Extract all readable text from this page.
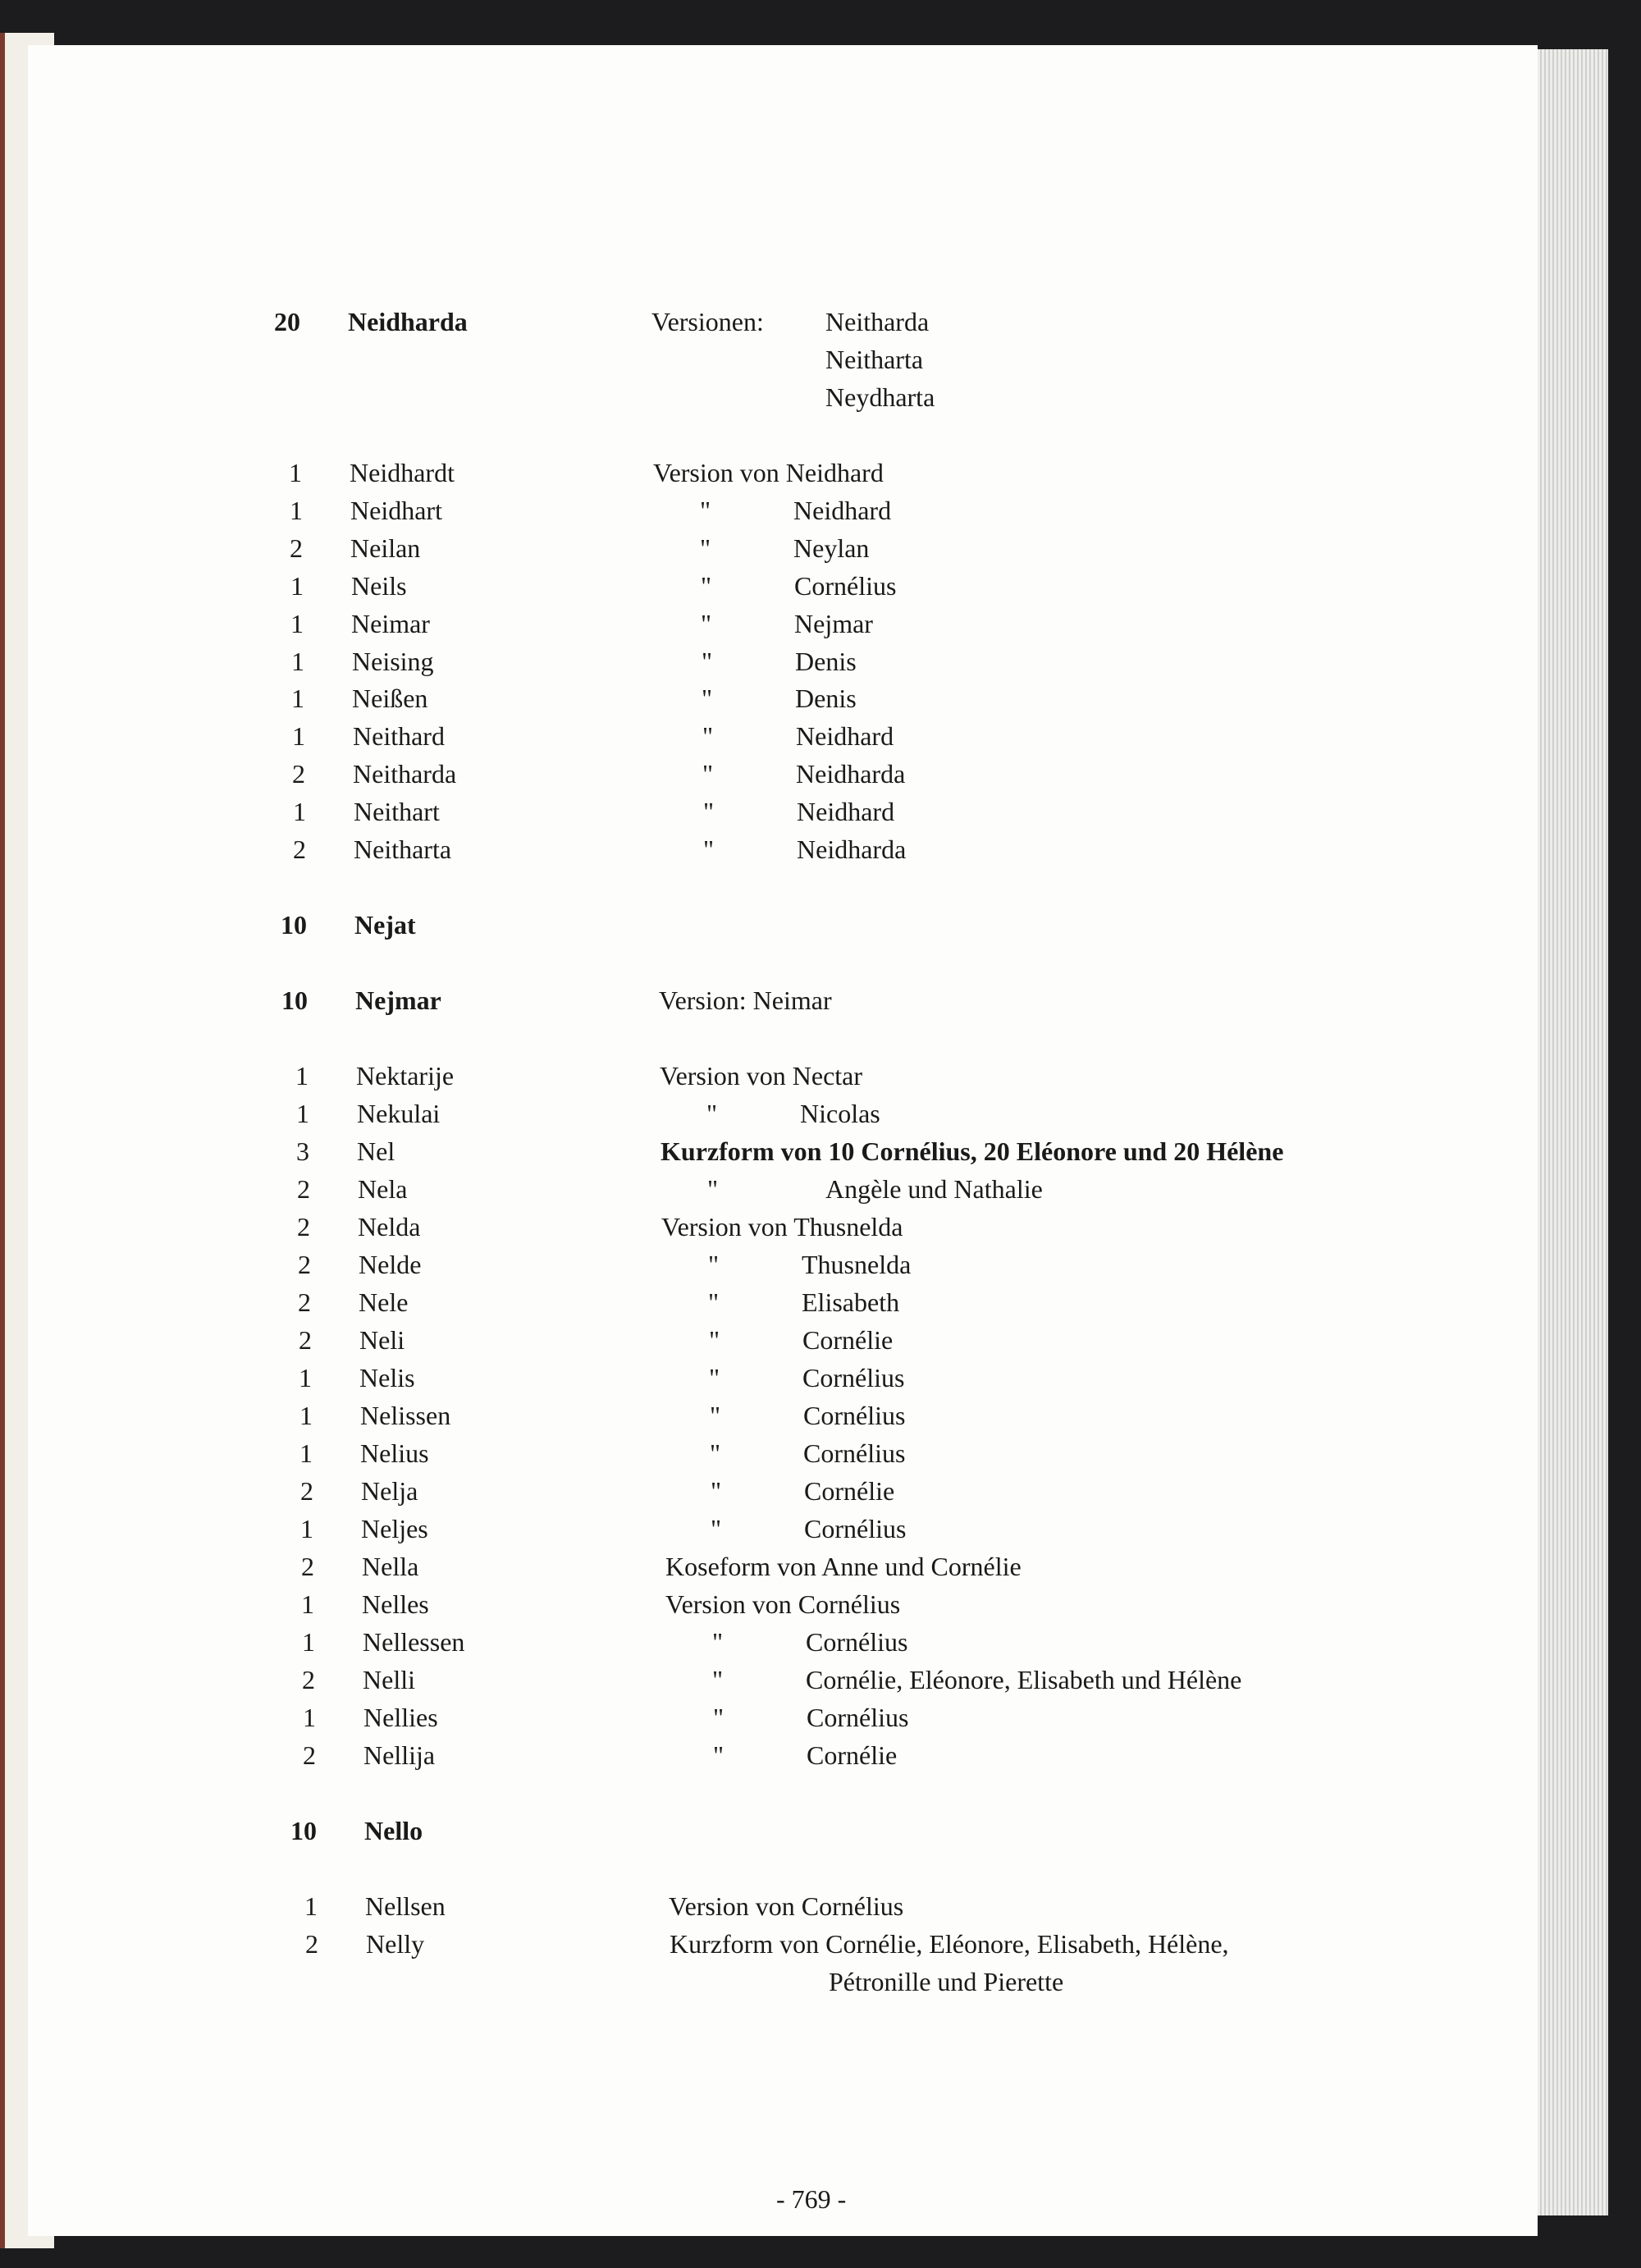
20 Neidharda	Versionen: Neitharda
Neitharta
Neydharta
1 Neidhardt	Version von Neidhard
1 Neidhart	"	Neidhard
2 Neilan	"	Neylan
1 Neils	"	Cornélius
1 Neimar	"	Nejmar
1 Neising	"	Denis
1 Neißen	"	Denis
1 Neithard	"	Neidhard
2 Neitharda	"	Neidharda
1 Neithart	"	Neidhard
2 Neitharta	"	Neidharda
10 Nejat
10 Nejmar	Version: Neimar
1 Nektarije	Version von Nectar
1 Nekulai	"	Nicolas
3 Nel	Kurzform von 10 Cornélius, 20 Eléonore und 20 Hélène
2 Nela	"	Angèle und Nathalie
2 Nelda	Version von Thusnelda
2 Nelde	"	Thusnelda
2 Nele	"	Elisabeth
2 Neli	"	Cornélie
1 Nelis	"	Cornélius
1 Nelissen	"	Cornélius
1 Nelius	"	Cornélius
2 Nelja	"	Cornélie
1 Neljes	"	Cornélius
2 Nella	Koseform von Anne und Cornélie
1 Nelles	Version von Cornélius
1 Nellessen	"	Cornélius
2 Nelli	"	Cornélie, Eléonore, Elisabeth und Hélène
1 Nellies	"	Cornélius
2 Nellija	"	Cornélie
10 Nello
1 Nellsen	Version von Cornélius
2 Nelly	Kurzform von Cornélie, Eléonore, Elisabeth, Hélène,
Pétronille und Pierette
- 769 -
